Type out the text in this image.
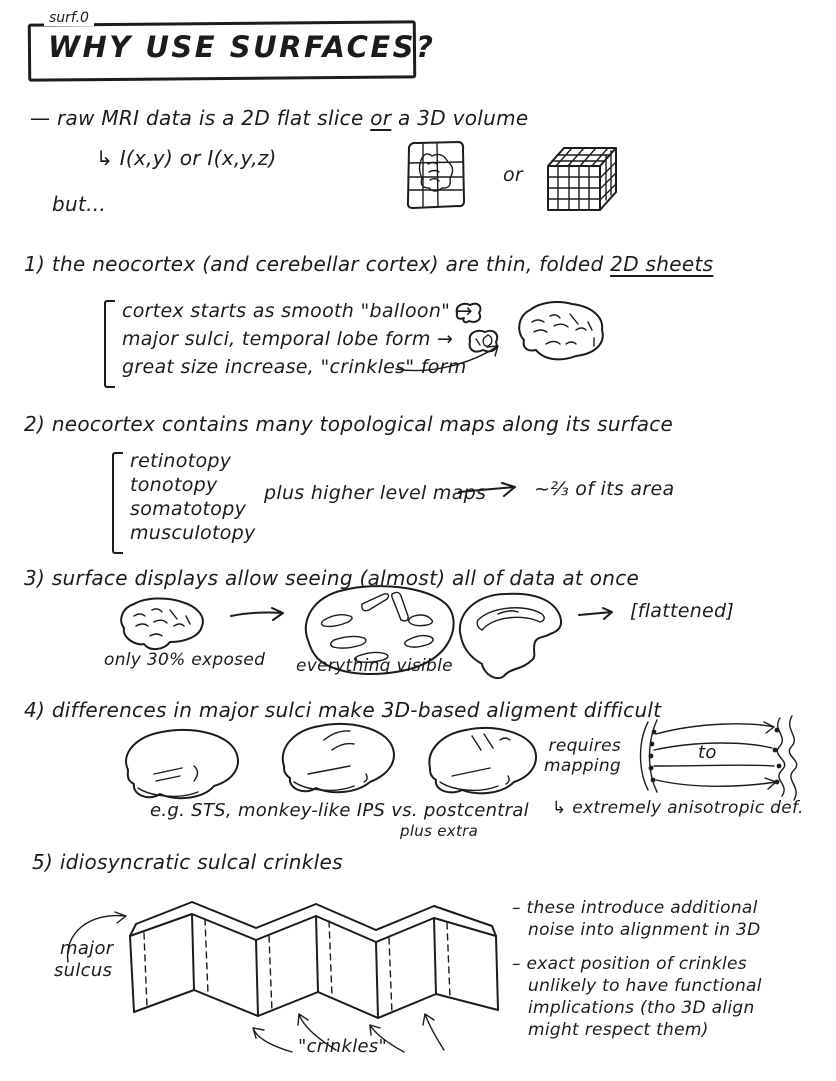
surf.0
WHY USE SURFACES?
— raw MRI data is a 2D flat slice or a 3D volume
↳ I(x,y) or I(x,y,z)
but...
or
1) the neocortex (and cerebellar cortex) are thin, folded 2D sheets
cortex starts as smooth "balloon" →
major sulci, temporal lobe form →
great size increase, "crinkles" form
2) neocortex contains many topological maps along its surface
retinotopy
tonotopy
somatotopy
musculotopy
plus higher level maps	~⅔ of its area
3) surface displays allow seeing (almost) all of data at once
[flattened]
only 30% exposed everything visible
4) differences in major sulci make 3D-based aligment difficult
requires
mapping
to
e.g. STS, monkey-like IPS vs. postcentral
plus extra
↳ extremely anisotropic def.
5) idiosyncratic sulcal crinkles
major
sulcus
"crinkles"
– these introduce additional
noise into alignment in 3D
– exact position of crinkles
unlikely to have functional
implications (tho 3D align
might respect them)
